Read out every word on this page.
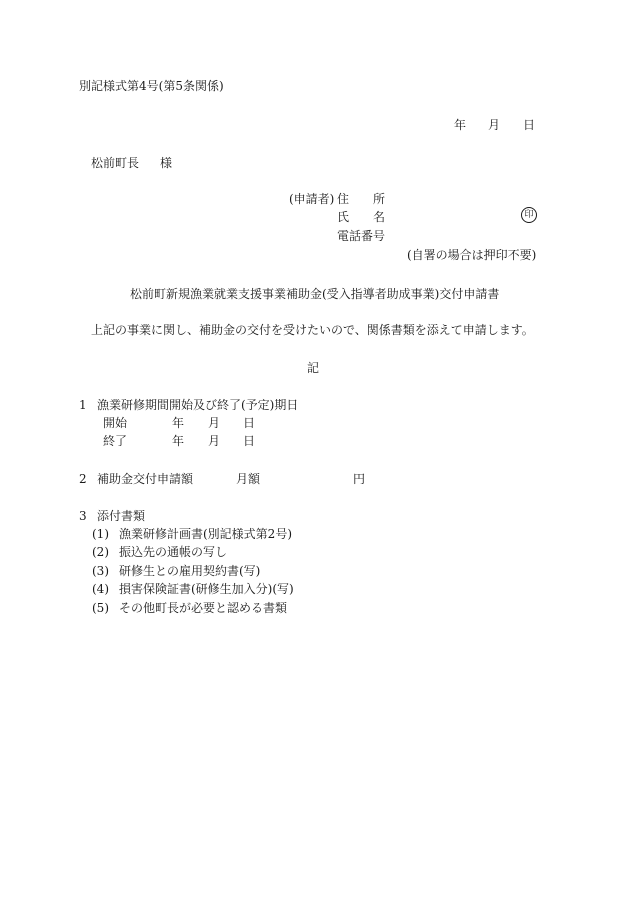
別記様式第4号(第5条関係)
年 月 日
松前町長 様
(申請者) 住　　所
氏　　名	印
電話番号
(自署の場合は押印不要)
松前町新規漁業就業支援事業補助金(受入指導者助成事業)交付申請書
上記の事業に関し、補助金の交付を受けたいので、関係書類を添えて申請します。
記
1 漁業研修期間開始及び終了(予定)期日
開始	年 月 日
終了	年 月 日
2 補助金交付申請額	月額	円
3 添付書類
(1) 漁業研修計画書(別記様式第2号)
(2) 振込先の通帳の写し
(3) 研修生との雇用契約書(写)
(4) 損害保険証書(研修生加入分)(写)
(5) その他町長が必要と認める書類
